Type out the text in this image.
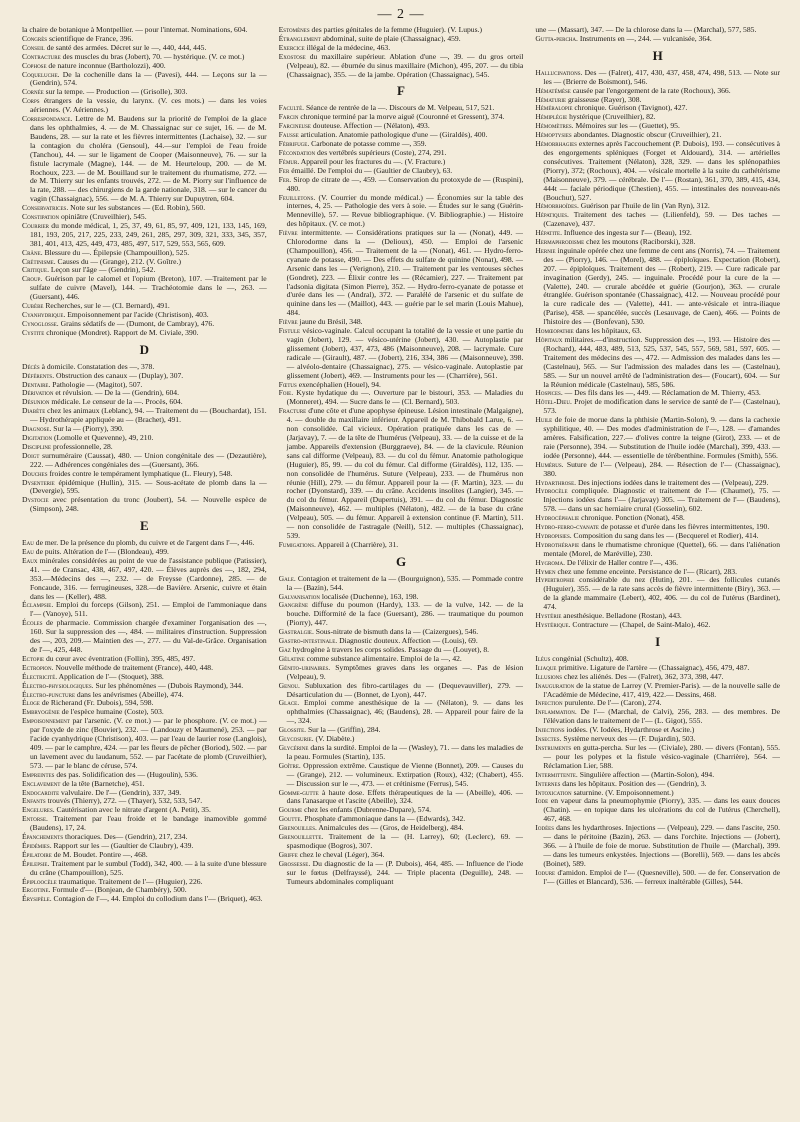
— 2 —

la chaire de botanique à Montpellier. — pour l'internat. Nominations, 604.

Congrès scientifique de France, 396.

Conseil de santé des armées. Décret sur le —, 440, 444, 445.

Contracture des muscles du bras (Jobert), 70. — hystérique. (V. ce mot.)

Cophose de nature inconnue (Bartholozzi), 400.

Coqueluche. De la cochenille dans la — (Pavesi), 444. — Leçons sur la — (Gendrin), 574.

Cornée sur la tempe. — Production — (Grisolle), 303.

Corps étrangers de la vessie, du larynx. (V. ces mots.) — dans les voies aériennes. (V. Aériennes.)

Correspondance. Lettre de M. Baudens sur la priorité de l'emploi de la glace dans les ophthalmies, 4. — de M. Chassaignac sur ce sujet, 16. — de M. Baudens, 28. — sur la rate et les fièvres intermittentes (Lachaise), 32. — sur la contagion du choléra (Gensoul), 44.—sur l'emploi de l'eau froide (Tanchou), 44. — sur le ligament de Cooper (Maisonneuve), 76. — sur la fistule lacrymale (Magne), 144. — de M. Heurteloup, 200. — de M. Rochoux, 223. — de M. Bouillaud sur le traitement du rhumatisme, 272. — de M. Thierry sur les enfants trouvés, 272. — de M. Piorry sur l'influence de la rate, 288. — des chirurgiens de la garde nationale, 318. — sur le cancer du vagin (Chassaignac), 556. — de M. A. Thierry sur Dupuytren, 604.

Conservatrices. Note sur les substances — (Ed. Robin), 560.

Constipation opiniâtre (Cruveilhier), 545.

Courrier du monde médical, 1, 25, 37, 49, 61, 85, 97, 409, 121, 133, 145, 169, 181, 193, 205, 217, 225, 233, 249, 261, 285, 297, 309, 321, 333, 345, 357, 381, 401, 413, 425, 449, 473, 485, 497, 517, 529, 553, 565, 609.

Crâne. Blessure du —. Épilepsie (Champouillon), 525.

Crétinisme. Causes du — (Grange), 212. (V. Goître.)

Critique. Leçon sur l'âge — (Gendrin), 542.

Croup. Guérison par le calomel et l'opium (Breton), 107. —Traitement par le sulfate de cuivre (Mavel), 144. — Trachéotomie dans le —, 263. — (Guersant), 446.

Cubèbe Recherches, sur le — (Cl. Bernard), 491.

Cyanhydrique. Empoisonnement par l'acide (Christison), 403.

Cynoglosse. Grains sédatifs de — (Dumont, de Cambray), 476.

Cystite chronique (Mondret). Rapport de M. Civiale, 390.

D

Décès à domicile. Constatation des —, 378.

Déférents. Obstruction des canaux — (Duplay), 307.

Dentaire. Pathologie — (Magitot), 507.

Dérivation et révulsion. — De la — (Gendrin), 604.

Désunion médicale. Le censeur de la —. Procès, 604.

Diabète chez les animaux (Leblanc), 94. — Traitement du — (Bouchardat), 151. — Hydrothérapie appliquée au — (Brachet), 491.

Diagnose. Sur la — (Piorry), 390.

Digitation (Lomolle et Quevenne), 49, 210.

Discipline professionnelle, 28.

Doigt surnuméraire (Caussat), 480. — Union congénitale des — (Dezautière), 222. — Adhérences congéniales des —(Guersant), 366.

Douches froides contre le tempérament lymphatique (L. Fleury), 548.

Dysenterie épidémique (Hullin), 315. — Sous-acétate de plomb dans la — (Devergie), 595.

Dystocie avec présentation du tronc (Joubert), 54. — Nouvelle espèce de (Simpson), 248.

E

Eau de mer. De la présence du plomb, du cuivre et de l'argent dans l'—, 446.

Eau de puits. Altération de l'— (Blondeau), 499.

Eaux minérales considérées au point de vue de l'assistance publique (Patissier), 41. — de Cransac, 438, 467, 497, 420. — Élèves auprès des —, 182, 294, 353.—Médecins des —, 232. — de Freysse (Cardonne), 285. — de Foncaude, 316. — ferrugineuses, 328.—de Bavière. Arsenic, cuivre et étain dans les — (Keller), 488.

Éclampsie. Emploi du forceps (Gilson), 251. — Emploi de l'ammoniaque dans l'— (Vanoye), 511.

Écoles de pharmacie. Commission chargée d'examiner l'organisation des —, 160. Sur la suppression des —, 484. — militaires d'instruction. Suppression des —, 203, 209.— Maintien des —, 277. — du Val-de-Grâce. Organisation de l'—, 425, 448.

Ectopie du cœur avec éventration (Follin), 395, 485, 497.

Ectropion. Nouvelle méthode de traitement (France), 440, 448.

Électricité. Application de l'— (Stoquet), 388.

Électro-physiologiques. Sur les phénomènes — (Dubois Raymond), 344.

Électro-puncture dans les anévrismes (Abeille), 474.

Éloge de Richerand (Fr. Dubois), 594, 598.

Embryogénie de l'espèce humaine (Coste), 503.

Empoisonnement par l'arsenic. (V. ce mot.) — par le phosphore. (V. ce mot.) — par l'oxyde de zinc (Bouvier), 232. — (Landouzy et Maumené), 253. — par l'acide cyanhydrique (Christison), 403. — par l'eau de laurier rose (Langlois), 409. — par le camphre, 424. — par les fleurs de pêcher (Boriod), 502. — par un lavement avec du laudanum, 552. — par l'acétate de plomb (Cruveilhier), 573. — par le blanc de céruse, 574.

Empreintes des pas. Solidification des — (Hugoulin), 536.

Enclavement de la tête (Barnetche), 451.

Endocardite valvulaire. De l'— (Gendrin), 337, 349.

Enfants trouvés (Thierry), 272. — (Thayer), 532, 533, 547.

Engelures. Cautérisation avec le nitrate d'argent (A. Petit), 35.

Entorse. Traitement par l'eau froide et le bandage inamovible gommé (Baudens), 17, 24.

Épanchements thoraciques. Des— (Gendrin), 217, 234.

Épidémies. Rapport sur les — (Gaultier de Claubry), 439.

Épilatoire de M. Boudet. Pontire —, 468.

Épilepsie. Traitement par le sumbul (Todd), 342, 400. — à la suite d'une blessure du crâne (Champouillon), 525.

Épiploocèle traumatique. Traitement de l'— (Huguier), 226.

Ergotine. Formule d'— (Bonjean, de Chambéry), 500.

Érysipèle. Contagion de l'—, 44. Emploi du collodium dans l'— (Briquet), 463.

Estomènes des parties génitales de la femme (Huguier). (V. Lupus.)

Étranglement abdominal, suite de plaie (Chassaignac), 459.

Exercice illégal de la médecine, 463.

Exostose du maxillaire supérieur. Ablation d'une —, 39. — du gros orteil (Velpeau), 82. — éburnée du sinus maxillaire (Michon), 495, 207. — du tibia (Chassaignac), 355. — de la jambe. Opération (Chassaignac), 545.

F

Faculté. Séance de rentrée de la —. Discours de M. Velpeau, 517, 521.

Farcin chronique terminé par la morve aiguë (Couronné et Gressent), 374.

Farcineuse douteuse. Affection — (Nélaton), 493.

Fausse articulation. Anatomie pathologique d'une — (Giraldès), 400.

Fébrifuge. Carbonate de potasse comme —, 359.

Fécondation des vertébrés supérieurs (Coste), 274, 291.

Fémur. Appareil pour les fractures du —. (V. Fracture.)

Fer émaillé. De l'emploi du — (Gaultier de Claubry), 63.

Fer. Sirop de citrate de —, 459. — Conservation du protoxyde de — (Ruspini), 480.

Feuilletons. (V. Courrier du monde médical.) — Économies sur la table des internes, 4, 25. — Pathologie des vers à soie. — Études sur le sang (Guérin-Menneville), 57. — Revue bibliographique. (V. Bibliographie.) — Histoire des hôpitaux. (V. ce mot.)

Fièvre intermittente. — Considérations pratiques sur la — (Nonat), 449. — Chlorodorme dans la — (Delioux), 450. — Emploi de l'arsenic (Champouillon), 456. — Traitement de la — (Nonat), 461. — Hydro-ferro-cyanate de potasse, 490. — Des effets du sulfate de quinine (Nonat), 498. — Arsenic dans les — (Verignon), 210. — Traitement par les ventouses sèches (Gondret), 223. — Élixir contre les — (Récamier), 227. — Traitement par l'adsonia digitata (Simon Pierre), 352. — Hydro-ferro-cyanate de potasse et d'urée dans les — (Andral), 372. — Paralélé de l'arsenic et du sulfate de quinine dans les — (Maillot), 443. — guérie par le sel marin (Louis Mahue), 484.

Fièvre jaune du Brésil, 348.

Fistule vésico-vaginale. Calcul occupant la totalité de la vessie et une partie du vagin (Jobert), 129. — vésico-utérine (Jobert), 430. — Autoplastie par glissement (Jobert), 437, 473, 486 (Maisonneuve), 208. — lacrymale. Cure radicale — (Girault), 487. — (Jobert), 216, 334, 386 — (Maisonneuve), 398. — alvéolo-dentaire (Chassaignac), 275. — vésico-vaginale. Autoplastie par glissement (Jobert), 469. — Instruments pour les — (Charrière), 561.

Fœtus exencéphalien (Houel), 94.

Foie. Kyste hydatique du —. Ouverture par le bistouri, 353. — Maladies du (Monneret), 494. — Sucre dans le — (Cl. Bernard), 503.

Fracture d'une côte et d'une apophyse épineuse. Lésion intestinale (Malgaigne), 4. — double du maxillaire inférieur. Appareil de M. Thibobald Larue, 6. — non consolidée. Cal vicieux. Opération pratiquée dans les cas de — (Jarjavay), 7. — de la tête de l'humérus (Velpeau), 33. — de la cuisse et de la jambe. Appareils d'extension (Burggraeve), 84. — de la clavicule. Réunion sans cal difforme (Velpeau), 83. — du col du fémur. Anatomie pathologique (Huguier), 85, 99. — du col du fémur. Cal difforme (Giraldès), 112, 135. — non consolidée de l'humérus. Suture (Velpeau), 233. — de l'humérus non réunie (Hill), 279. — du fémur. Appareil pour la — (F. Martin), 323. — du rocher (Dyonstard), 339. — du crâne. Accidents insolites (Langier), 345. — du col du fémur. Appareil (Dupertuis), 391. — du col du fémur. Diagnostic (Maisonneuve), 462. — multiples (Nélaton), 482. — de la base du crâne (Velpeau), 505. — du fémur. Appareil à extension continue (F. Martin), 511. — non consolidée de l'astragale (Neill), 512. — multiples (Chassaignac), 539.

Fumigations. Appareil à (Charrière), 31.

G

Gale. Contagion et traitement de la — (Bourguignon), 535. — Pommade contre la — (Bazin), 544.

Galvanisation localisée (Duchenne), 163, 198.

Gangrène diffuse du poumon (Hardy), 133. — de la vulve, 142. — de la bouche. Difformité de la face (Guersant), 286. — traumatique du poumon (Piorry), 447.

Gastralgie. Sous-nitrate de bismuth dans la — (Caizergues), 546.

Gastro-intestinale. Diagnostic douteux. Affection — (Louis), 69.

Gaz hydrogène à travers les corps solides. Passage du — (Louyet), 8.

Gélatine comme substance alimentaire. Emploi de la —, 42.

Génito-urinaires. Symptômes graves dans les organes —. Pas de lésion (Velpeau), 9.

Genou. Subluxation des fibro-cartilages du — (Dequevauviller), 279. — Désarticulation du — (Bonnet, de Lyon), 447.

Glace. Emploi comme anesthésique de la — (Nélaton), 9. — dans les ophthalmies (Chassaignac), 46; (Baudens), 28. — Appareil pour faire de la —, 324.

Glossite. Sur la — (Griffin), 284.

Glycosurie. (V. Diabète.)

Glycérine dans la surdité. Emploi de la — (Wasley), 71. — dans les maladies de la peau. Formules (Startin), 135.

Goître. Oppression extrême. Caustique de Vienne (Bonnet), 209. — Causes du — (Grange), 212. — volumineux. Extirpation (Roux), 432; (Chabert), 455. — Discussion sur le —, 473. — et crétinisme (Ferrus), 545.

Gomme-gutte à haute dose. Effets thérapeutiques de la — (Abeille), 406. — dans l'anasarque et l'ascite (Abeille), 324.

Gourme chez les enfants (Dubrenne-Dupare), 574.

Goutte. Phosphate d'ammoniaque dans la — (Edwards), 342.

Grenouilles. Animalcules des — (Gros, de Heidelberg), 484.

Grenouillette. Traitement de la — (H. Larrey), 60; (Leclerc), 69. — spasmodique (Bogros), 307.

Griffe chez le cheval (Léger), 364.

Grossesse. Du diagnostic de la — (P. Dubois), 464, 485. — Influence de l'iode sur le fœtus (Delfrayssé), 244. — Triple placenta (Deguille), 248. — Tumeurs abdominales compliquant

une — (Massart), 347. — De la chlorose dans la — (Marchal), 577, 585.

Gutta-percha. Instruments en —, 244. — vulcanisée, 364.

H

Hallucinations. Des — (Falret), 417, 430, 437, 458, 474, 498, 513. — Note sur les — (Brierre de Boismont), 546.

Hématémèse causée par l'engorgement de la rate (Rochoux), 366.

Hématurie graisseuse (Rayer), 308.

Héméralopie chronique. Guérison (Tavignot), 427.

Hémiplégie hystérique (Cruveilhier), 82.

Hémomètres. Mémoires sur les — (Guettet), 95.

Hémoptysies abondantes. Diagnostic obscur (Cruveilhier), 21.

Hémorrhagies externes après l'accouchement (P. Dubois), 193. — consécutives à des engorgements spléniques (Forget et Aldouard), 314. — artérielles consécutives. Traitement (Nélaton), 328, 329. — dans les splénopathies (Piorry), 372; (Rochoux), 404. — vésicale mortelle à la suite du cathétérisme (Maisonneuve), 379. — cérébrale. De l'— (Rostan), 361, 370, 389, 415, 434, 444t — faciale périodique (Chestien), 455. — intestinales des nouveau-nés (Bouchut), 527.

Hémorrhoïdes. Guérison par l'huile de lin (Van Ryn), 312.

Hépatiques. Traitement des taches — (Lilienfeld), 59. — Des taches — (Cazenave), 437.

Hépatite. Influence des ingesta sur l'— (Beau), 192.

Hermaphrodisme chez les moutons (Raciborski), 328.

Hernie inguinale opérée chez une femme de cent ans (Norris), 74. — Traitement des — (Piorry), 146. — (Morel), 488. — épiploïques. Expectation (Robert), 207. — épiploïques. Traitement des — (Robert), 219. — Cure radicale par invagination (Gerdy), 245. — inguinale. Procédé pour la cure de la — (Valette), 240. — crurale abcédée et guérie (Gourjon), 363. — crurale étranglée. Guérison spontanée (Chassaignac), 412. — Nouveau procédé pour la cure radicale des — (Valette), 441. — ante-vésicale et intra-iliaque (Parise), 458. — spancélée, succès (Lesauvage, de Caen), 466. — Points de l'histoire des — (Bonfevan), 530.

Homœopathie dans les hôpitaux, 63.

Hôpitaux militaires.—d'instruction. Suppression des —, 193. — Histoire des — (Rochard), 444, 483, 489, 513, 525, 537, 545, 557, 569, 581, 597, 605. — Traitement des médecins des —, 472. — Admission des malades dans les — (Castelnau), 565. — Sur l'admission des malades dans les — (Castelnau), 585. — Sur un nouvel arrêté de l'administration des— (Foucart), 604. — Sur la Réunion médicale (Castelnau), 585, 586.

Hospices. — Des fils dans les —, 449. — Réclamation de M. Thierry, 453.

Hôtel-Dieu. Projet de modification dans le service de santé de l'— (Castelnau), 573.

Huile de foie de morue dans la phthisie (Martin-Solon), 9. — dans la cachexie syphilitique, 40. — Des modes d'administration de l'—, 128. — d'amandes amères. Falsification, 227.— d'olives contre la teigne (Girot), 233. — et de raie (Personne), 394. — Substitution de l'huile iodée (Marchal), 399, 433. — iodée (Personne), 444. — essentielle de térébenthine. Formules (Smith), 556.

Humérus. Suture de l'— (Velpeau), 284. — Résection de l'— (Chassaignac), 380.

Hydarthrose. Des injections iodées dans le traitement des — (Velpeau), 229.

Hydrocèle compliquée. Diagnostic et traitement de l'— (Chaumet), 75. — Injections iodées dans l'— (Jarjavay) 305. — Traitement de l'— (Baudens), 578. — dans un sac herniaire crural (Gosselin), 602.

Hydrocéphalie chronique. Ponction (Nonat), 458.

Hydro-ferro-cyanate de potasse et d'urée dans les fièvres intermittentes, 190.

Hydropisies. Composition du sang dans les — (Becquerel et Rodier), 414.

Hydrothérapie dans le rhumatisme chronique (Quettel), 66. — dans l'aliénation mentale (Morel, de Maréville), 230.

Hygroma. De l'élixir de Haller contre l'—, 436.

Hymen chez une femme enceinte. Persistance de l'— (Ricart), 283.

Hypertrophie considérable du nez (Hutin), 201. — des follicules cutanés (Huguier), 355. — de la rate sans accès de fièvre intermittente (Biry), 363. — de la glande mammaire (Lebert), 402, 406. — du col de l'utérus (Bardinet), 474.

Hystérie anesthésique. Belladone (Rostan), 443.

Hystérique. Contracture — (Chapel, de Saint-Malo), 462.

I

Iléus congénial (Schultz), 408.

Iliaque primitive. Ligature de l'artère — (Chassaignac), 456, 479, 487.

Illusions chez les aliénés. Des — (Falret), 362, 373, 398, 447.

Inauguration de la statue de Larrey (V. Premier-Paris). — de la nouvelle salle de l'Académie de Médecine, 417, 419, 422.— Dessins, 468.

Infection purulente. De l'— (Caron), 274.

Inflammation. De l'— (Marchal, de Calvi), 256, 283. — des membres. De l'élévation dans le traitement de l'— (L. Gigot), 555.

Injections iodées. (V. Iodées, Hydarthrose et Ascite.)

Insectes. Système nerveux des — (F. Dujardin), 503.

Instruments en gutta-percha. Sur les — (Civiale), 280. — divers (Fontan), 555. — pour les polypes et la fistule vésico-vaginale (Charrière), 564. — Réclamation Lier, 588.

Intermittente. Singulière affection — (Martin-Solon), 494.

Internes dans les hôpitaux. Position des — (Gendrin), 3.

Intoxication saturnine. (V. Empoisonnement.)

Iode en vapeur dans la pneumophymie (Piorry), 335. — dans les eaux douces (Chatin). — en topique dans les ulcérations du col de l'utérus (Cherchell), 467, 468.

Iodées dans les hydarthroses. Injections — (Velpeau), 229. — dans l'ascite, 250. — dans le péritoine (Bazin), 263. — dans l'orchite. Injections — (Jobert), 366. — à l'huile de foie de morue. Substitution de l'huile — (Marchal), 399. — dans les tumeurs enkystées. Injections — (Borelli), 569. — dans les abcès (Boinet), 589.

Iodure d'amidon. Emploi de l'— (Quesneville), 500. — de fer. Conservation de l'— (Gilles et Blancard), 536. — ferreux inaltérable (Gilles), 544.
